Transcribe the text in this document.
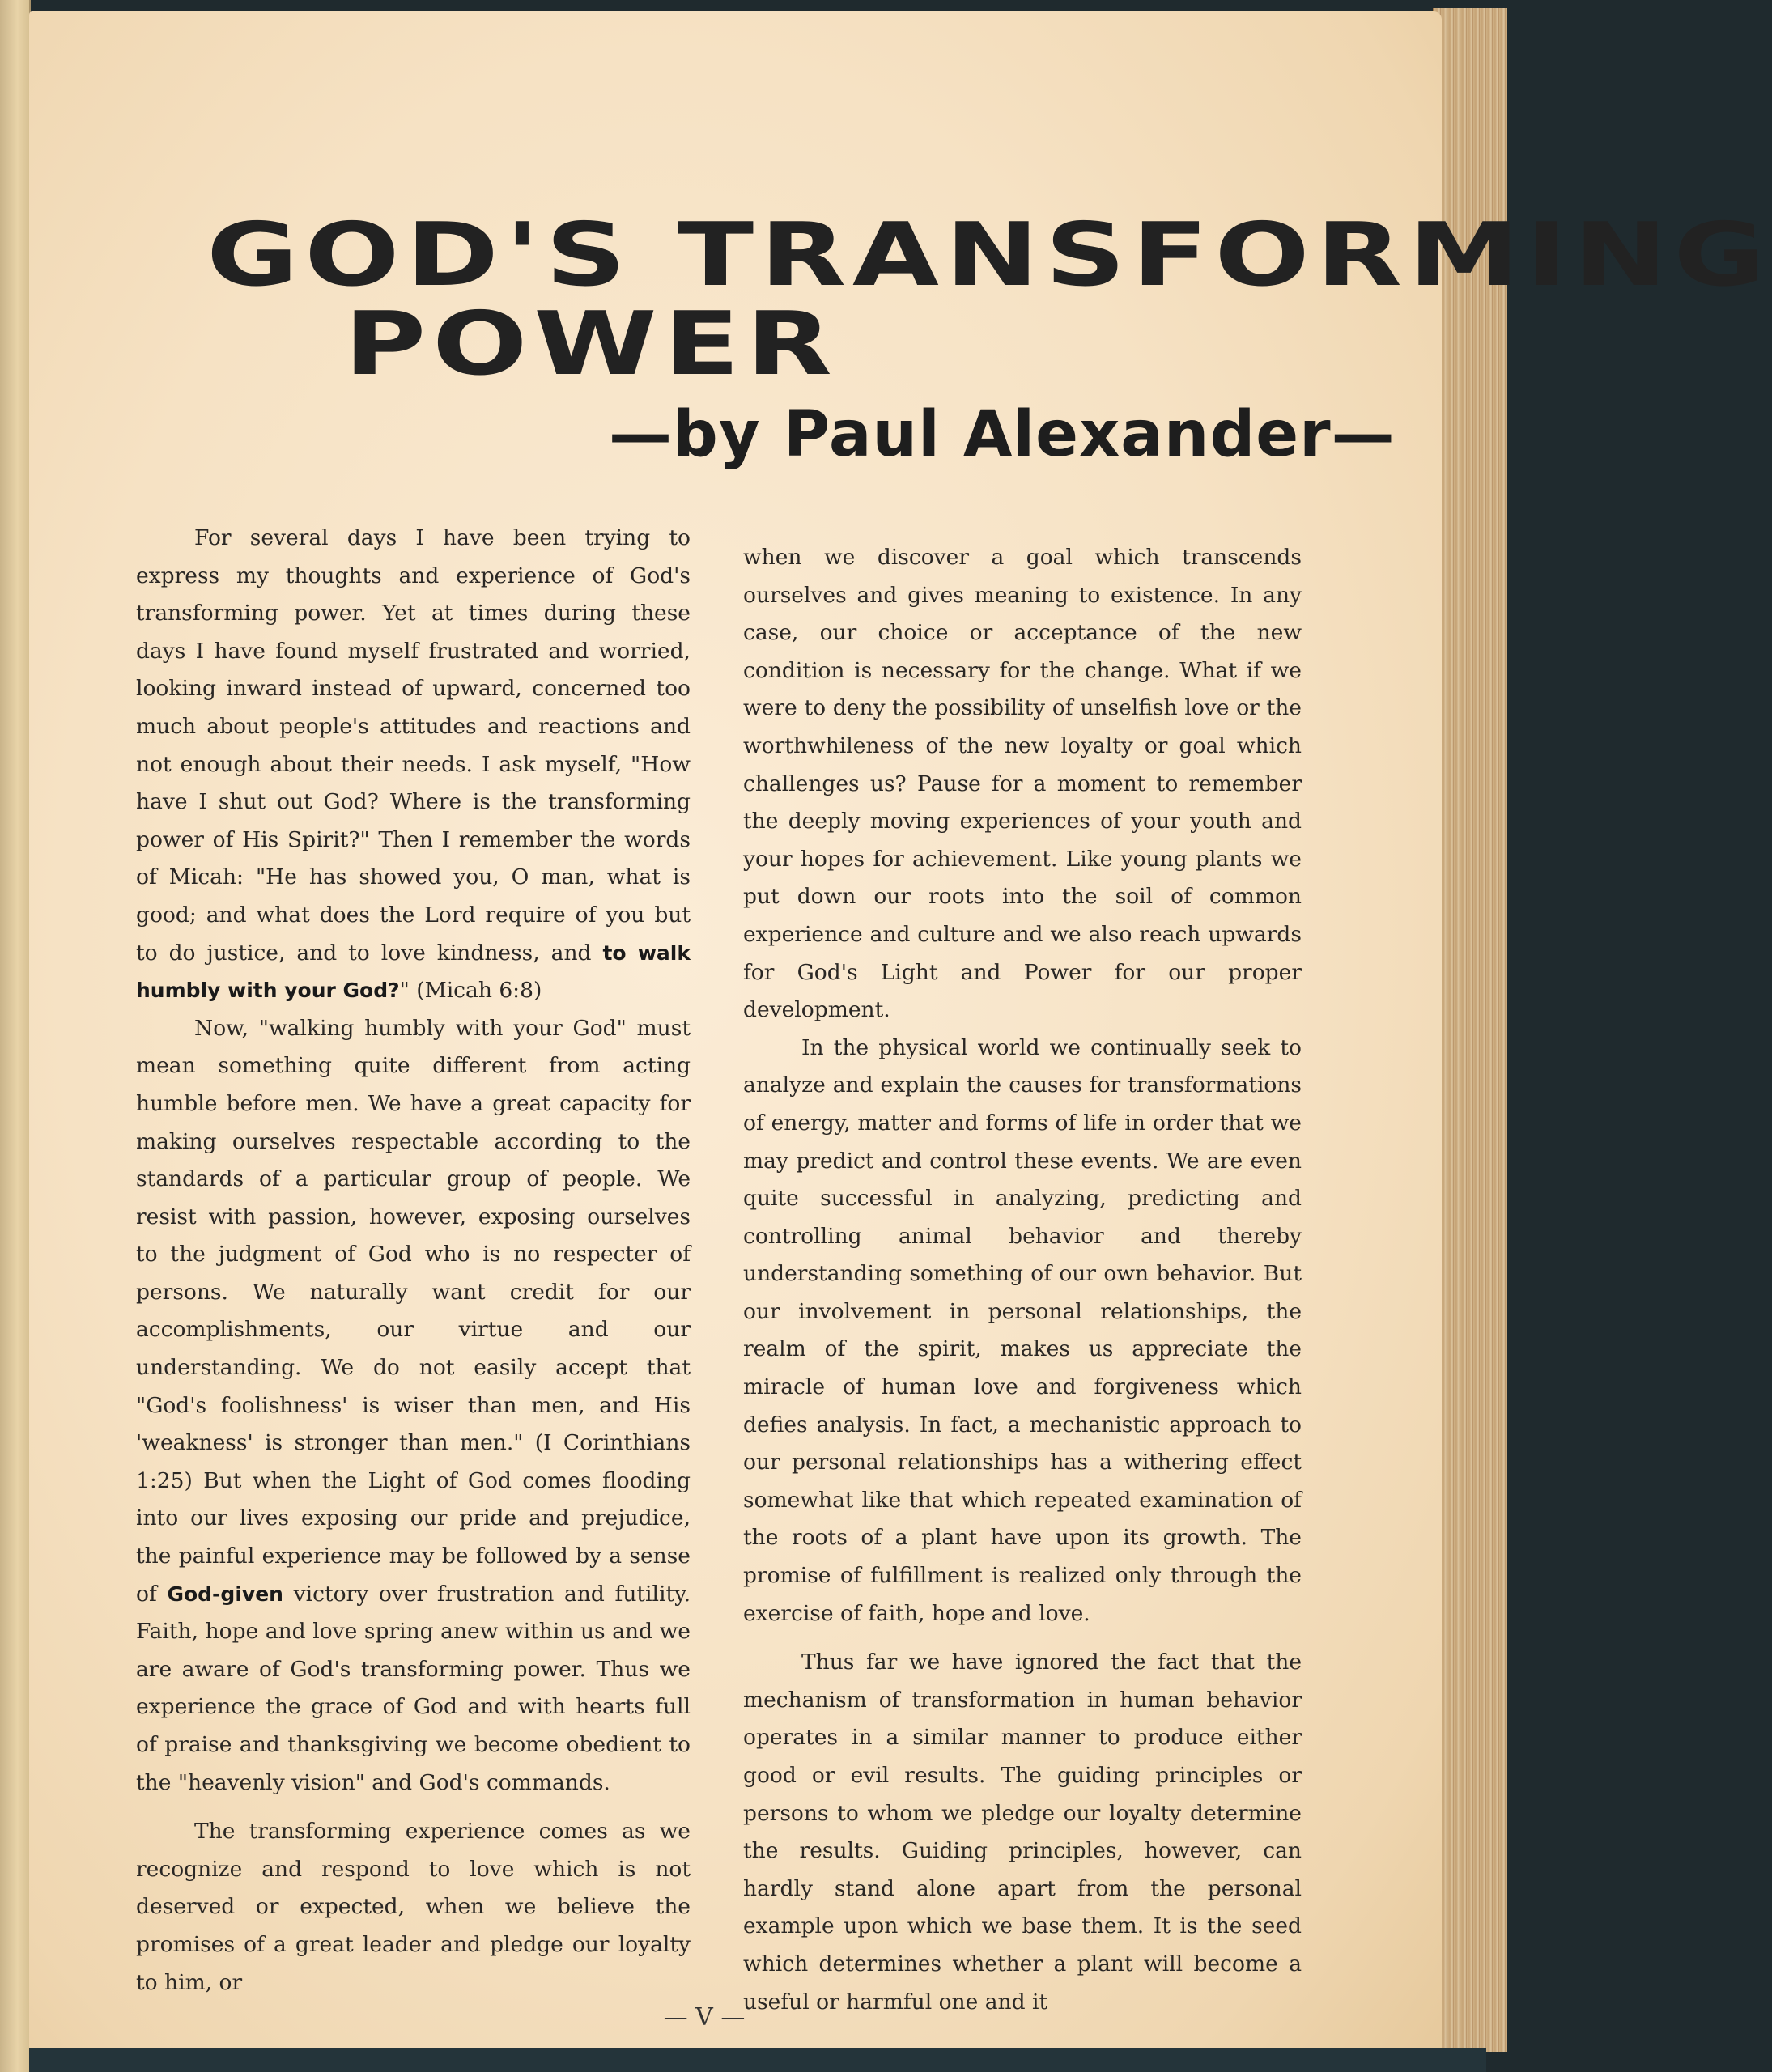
GOD'S TRANSFORMING
POWER
—by Paul Alexander—

For several days I have been trying to express my thoughts and experience of God's transforming power. Yet at times during these days I have found myself frustrated and worried, looking inward instead of upward, concerned too much about people's attitudes and reactions and not enough about their needs. I ask myself, "How have I shut out God? Where is the transforming power of His Spirit?" Then I remember the words of Micah: "He has showed you, O man, what is good; and what does the Lord require of you but to do justice, and to love kindness, and to walk humbly with your God?" (Micah 6:8)

Now, "walking humbly with your God" must mean something quite different from acting humble before men. We have a great capacity for making ourselves respectable according to the standards of a particular group of people. We resist with passion, however, exposing ourselves to the judgment of God who is no respecter of persons. We naturally want credit for our accomplishments, our virtue and our understanding. We do not easily accept that "God's foolishness' is wiser than men, and His 'weakness' is stronger than men." (I Corinthians 1:25) But when the Light of God comes flooding into our lives exposing our pride and prejudice, the painful experience may be followed by a sense of God-given victory over frustration and futility. Faith, hope and love spring anew within us and we are aware of God's transforming power. Thus we experience the grace of God and with hearts full of praise and thanksgiving we become obedient to the "heavenly vision" and God's commands.

The transforming experience comes as we recognize and respond to love which is not deserved or expected, when we believe the promises of a great leader and pledge our loyalty to him, or

when we discover a goal which transcends ourselves and gives meaning to existence. In any case, our choice or acceptance of the new condition is necessary for the change. What if we were to deny the possibility of unselfish love or the worthwhileness of the new loyalty or goal which challenges us? Pause for a moment to remember the deeply moving experiences of your youth and your hopes for achievement. Like young plants we put down our roots into the soil of common experience and culture and we also reach upwards for God's Light and Power for our proper development.

In the physical world we continually seek to analyze and explain the causes for transformations of energy, matter and forms of life in order that we may predict and control these events. We are even quite successful in analyzing, predicting and controlling animal behavior and thereby understanding something of our own behavior. But our involvement in personal relationships, the realm of the spirit, makes us appreciate the miracle of human love and forgiveness which defies analysis. In fact, a mechanistic approach to our personal relationships has a withering effect somewhat like that which repeated examination of the roots of a plant have upon its growth. The promise of fulfillment is realized only through the exercise of faith, hope and love.

Thus far we have ignored the fact that the mechanism of transformation in human behavior operates in a similar manner to produce either good or evil results. The guiding principles or persons to whom we pledge our loyalty determine the results. Guiding principles, however, can hardly stand alone apart from the personal example upon which we base them. It is the seed which determines whether a plant will become a useful or harmful one and it

— V —
